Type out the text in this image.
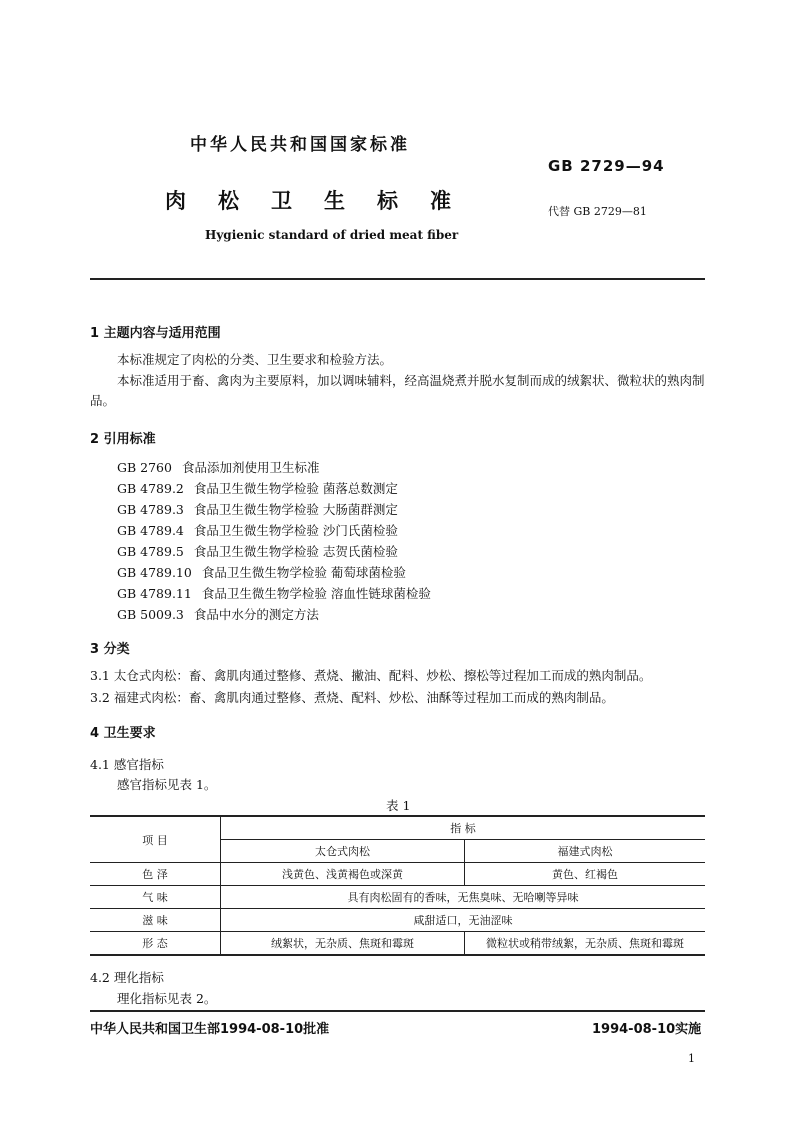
中华人民共和国国家标准
GB 2729—94
肉松卫生标准	代替 GB 2729—81
Hygienic standard of dried meat fiber
1 主题内容与适用范围
本标准规定了肉松的分类、卫生要求和检验方法。
本标准适用于畜、禽肉为主要原料，加以调味辅料，经高温烧煮并脱水复制而成的绒絮状、微粒状的熟肉制品。
2 引用标准
GB 2760 食品添加剂使用卫生标准
GB 4789.2 食品卫生微生物学检验 菌落总数测定
GB 4789.3 食品卫生微生物学检验 大肠菌群测定
GB 4789.4 食品卫生微生物学检验 沙门氏菌检验
GB 4789.5 食品卫生微生物学检验 志贺氏菌检验
GB 4789.10 食品卫生微生物学检验 葡萄球菌检验
GB 4789.11 食品卫生微生物学检验 溶血性链球菌检验
GB 5009.3 食品中水分的测定方法
3 分类
3.1 太仓式肉松：畜、禽肌肉通过整修、煮烧、撇油、配料、炒松、擦松等过程加工而成的熟肉制品。
3.2 福建式肉松：畜、禽肌肉通过整修、煮烧、配料、炒松、油酥等过程加工而成的熟肉制品。
4 卫生要求
4.1 感官指标
感官指标见表 1。
表 1
项 目	指 标	
	太仓式肉松	福建式肉松
色 泽	浅黄色、浅黄褐色或深黄	黄色、红褐色
气 味	具有肉松固有的香味，无焦臭味、无哈喇等异味	
滋 味	咸甜适口，无油涩味	
形 态	绒絮状，无杂质、焦斑和霉斑	微粒状或稍带绒絮，无杂质、焦斑和霉斑
4.2 理化指标
理化指标见表 2。
中华人民共和国卫生部1994-08-10批准	1994-08-10实施
1
